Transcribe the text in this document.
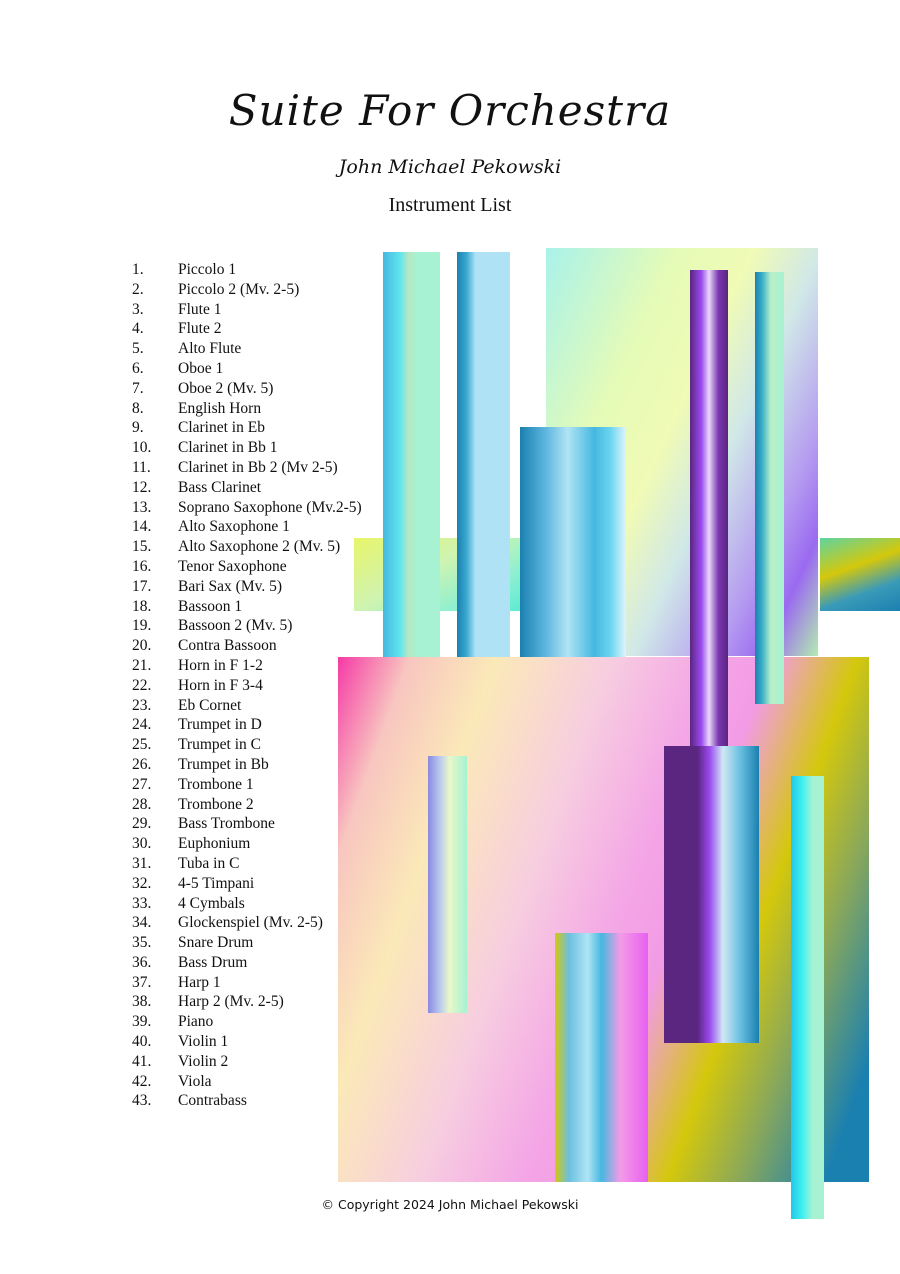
Suite For Orchestra
John Michael Pekowski
Instrument List
1. Piccolo 1
2. Piccolo 2 (Mv. 2-5)
3. Flute 1
4. Flute 2
5. Alto Flute
6. Oboe 1
7. Oboe 2 (Mv. 5)
8. English Horn
9. Clarinet in Eb
10. Clarinet in Bb 1
11. Clarinet in Bb 2 (Mv 2-5)
12. Bass Clarinet
13. Soprano Saxophone (Mv.2-5)
14. Alto Saxophone 1
15. Alto Saxophone 2 (Mv. 5)
16. Tenor Saxophone
17. Bari Sax (Mv. 5)
18. Bassoon 1
19. Bassoon 2 (Mv. 5)
20. Contra Bassoon
21. Horn in F 1-2
22. Horn in F 3-4
23. Eb Cornet
24. Trumpet in D
25. Trumpet in C
26. Trumpet in Bb
27. Trombone 1
28. Trombone 2
29. Bass Trombone
30. Euphonium
31. Tuba in C
32. 4-5 Timpani
33. 4 Cymbals
34. Glockenspiel (Mv. 2-5)
35. Snare Drum
36. Bass Drum
37. Harp 1
38. Harp 2 (Mv. 2-5)
39. Piano
40. Violin 1
41. Violin 2
42. Viola
43. Contrabass
© Copyright 2024 John Michael Pekowski
